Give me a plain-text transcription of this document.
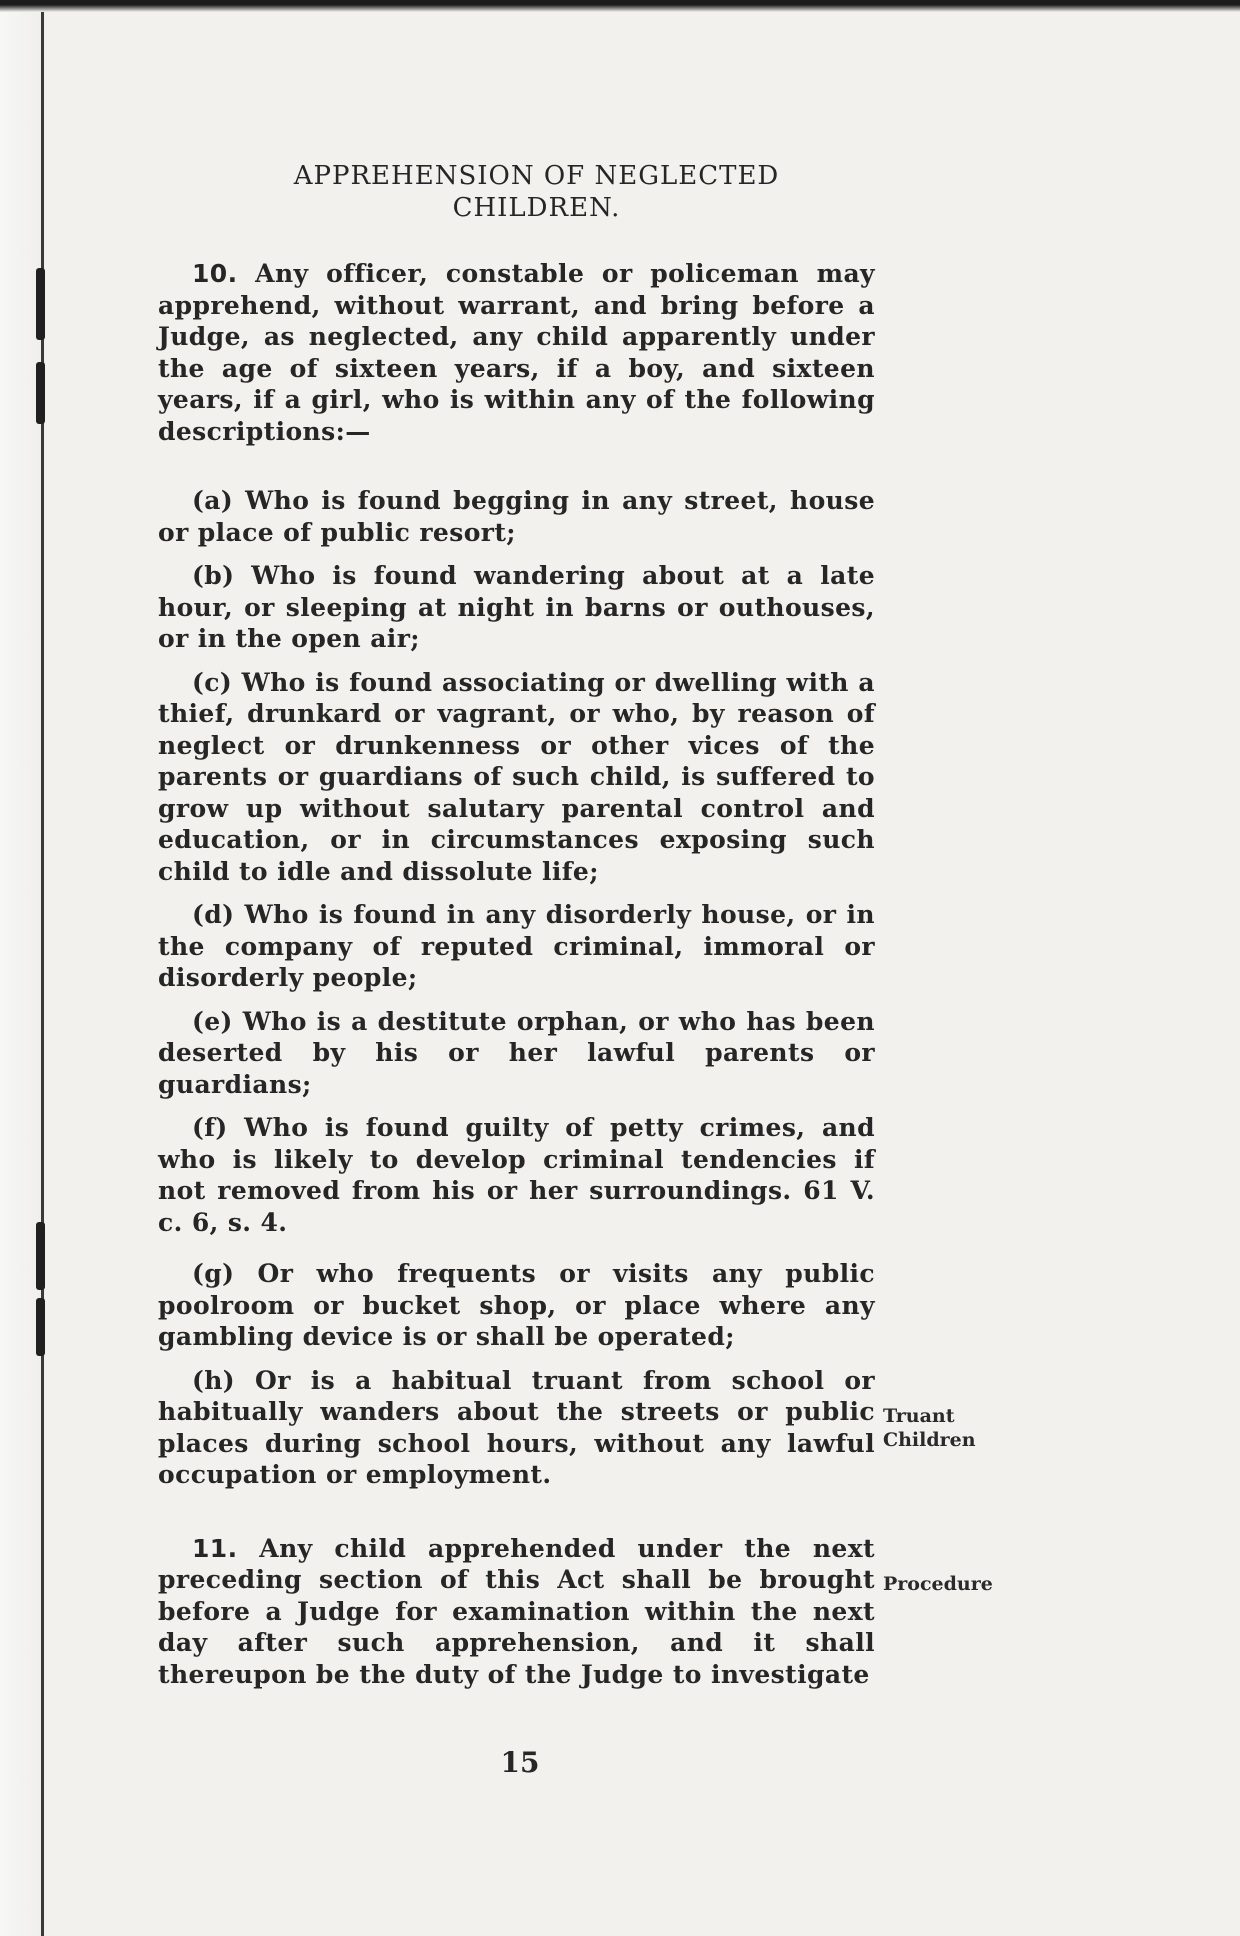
APPREHENSION OF NEGLECTED
CHILDREN.

10. Any officer, constable or policeman may apprehend, without warrant, and bring before a Judge, as neglected, any child apparently under the age of sixteen years, if a boy, and sixteen years, if a girl, who is within any of the following descriptions:—

(a) Who is found begging in any street, house or place of public resort;

(b) Who is found wandering about at a late hour, or sleeping at night in barns or outhouses, or in the open air;

(c) Who is found associating or dwelling with a thief, drunkard or vagrant, or who, by reason of neglect or drunkenness or other vices of the parents or guardians of such child, is suffered to grow up without salutary parental control and education, or in circumstances exposing such child to idle and dissolute life;

(d) Who is found in any disorderly house, or in the company of reputed criminal, immoral or disorderly people;

(e) Who is a destitute orphan, or who has been deserted by his or her lawful parents or guardians;

(f) Who is found guilty of petty crimes, and who is likely to develop criminal tendencies if not removed from his or her surroundings. 61 V. c. 6, s. 4.

(g) Or who frequents or visits any public poolroom or bucket shop, or place where any gambling device is or shall be operated;

(h) Or is a habitual truant from school or habitually wanders about the streets or public places during school hours, without any lawful occupation or employment.

11. Any child apprehended under the next preceding section of this Act shall be brought before a Judge for examination within the next day after such apprehension, and it shall thereupon be the duty of the Judge to investigate

Truant
Children
Procedure
15
